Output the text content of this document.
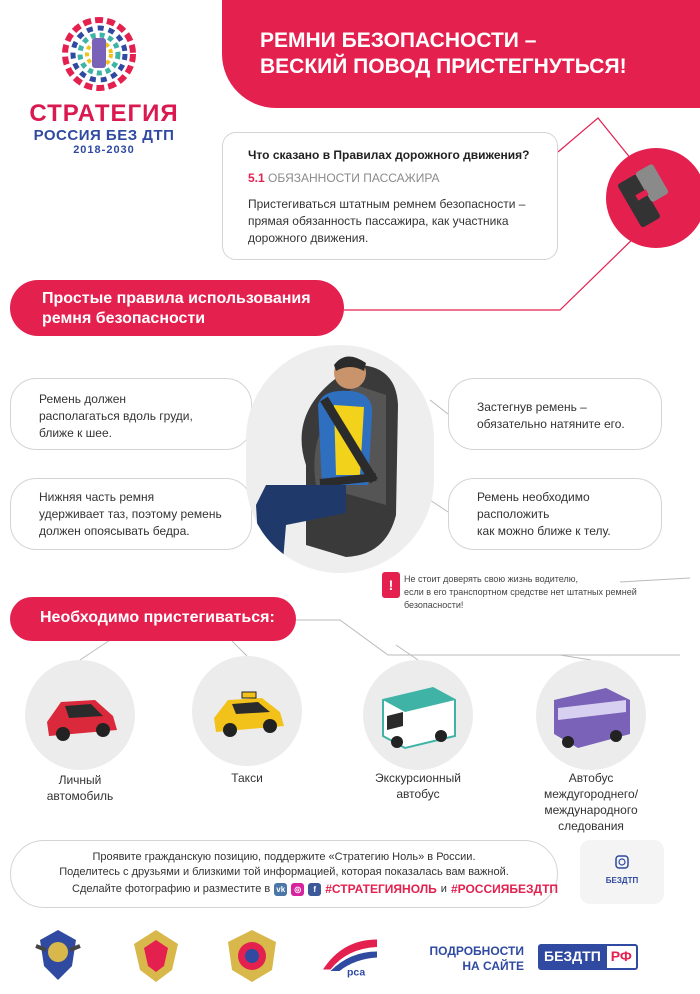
СТРАТЕГИЯ
РОССИЯ БЕЗ ДТП
2018-2030
РЕМНИ БЕЗОПАСНОСТИ –
ВЕСКИЙ ПОВОД ПРИСТЕГНУТЬСЯ!
Что сказано в Правилах дорожного движения?
5.1 ОБЯЗАННОСТИ ПАССАЖИРА
Пристегиваться штатным ремнем безопасности –
прямая обязанность пассажира, как участника
дорожного движения.
Простые правила использования
ремня безопасности
Ремень должен
располагаться вдоль груди,
ближе к шее.
Нижняя часть ремня
удерживает таз, поэтому ремень
должен опоясывать бедра.
Застегнув ремень –
обязательно натяните его.
Ремень необходимо
расположить
как можно ближе к телу.
!	Не стоит доверять свою жизнь водителю,
если в его транспортном средстве нет штатных ремней безопасности!
Необходимо пристегиваться:
Личный
автомобиль
Такси	Экскурсионный
автобус
Автобус
междугороднего/
международного
следования
Проявите гражданскую позицию, поддержите «Стратегию Ноль» в России.
Поделитесь с друзьями и близкими той информацией, которая показалась вам важной.
Сделайте фотографию и разместите в vk	◎	f #СТРАТЕГИЯНОЛЬ и #РОССИЯБЕЗДТП
БЕЗДТП
рса
ПОДРОБНОСТИ
НА САЙТЕ
БЕЗДТП РФ
